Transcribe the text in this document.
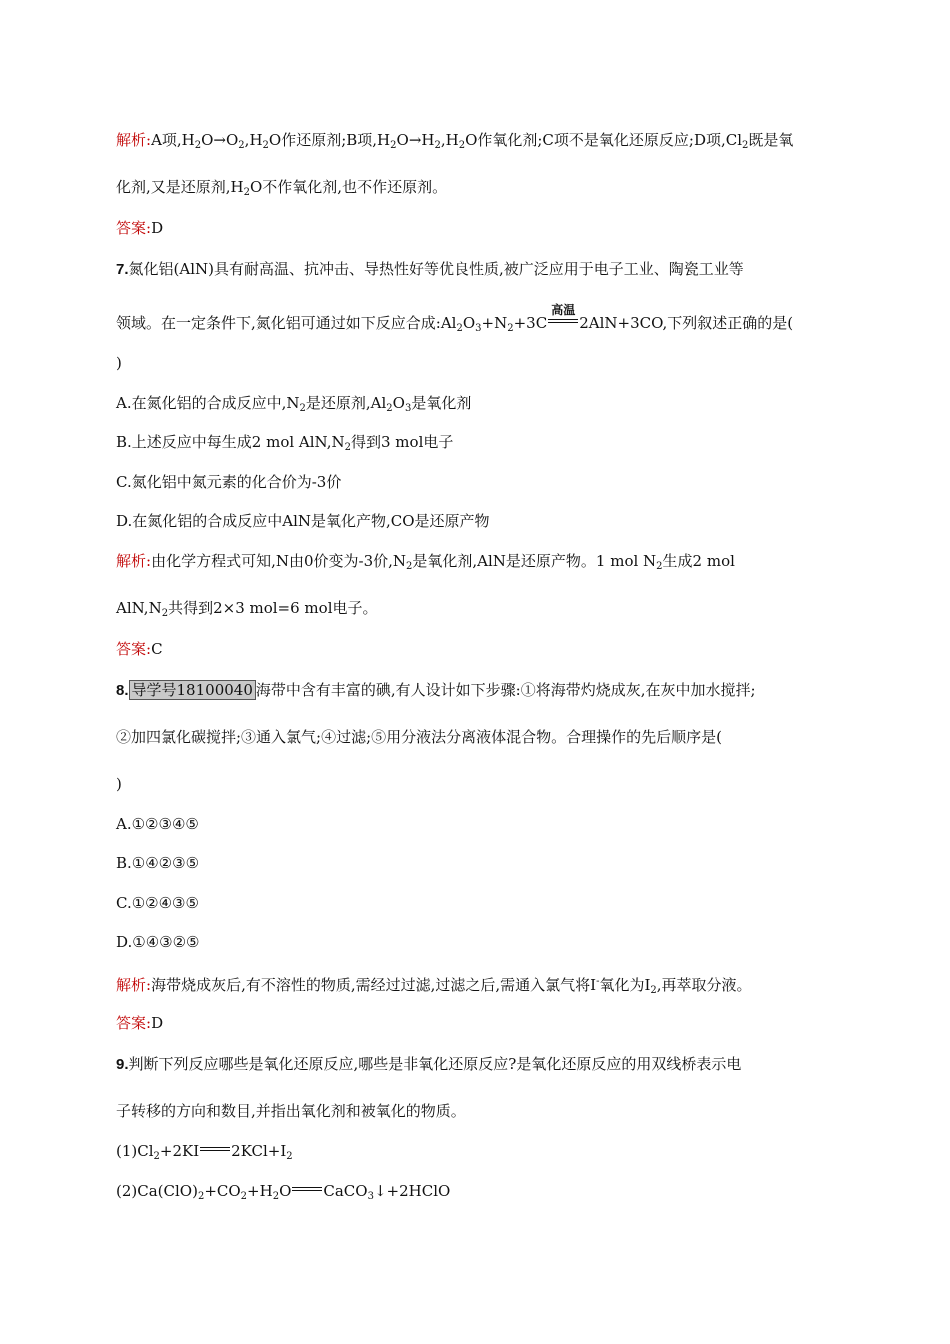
解析:A项$,H_2O\to O_2,H_2O$作还原剂;B项$,H_2O\to H_2,H_2O$作氧化剂;C项不是氧化还原反应;D项$,Cl_2$既是氧
化剂,又是还原剂$,H_2O$不作氧化剂,也不作还原剂。
答案:D
7.氮化铝(AlN)具有耐高温、抗冲击、导热性好等优良性质,被广泛应用于电子工业、陶瓷工业等
领域。在一定条件下,氮化铝可通过如下反应合成$:Al_2O_3+N_2+3C$
高温
2AlN+3CO,下列叙述正确的是(
)
A.在氮化铝的合成反应中$,N_2$是还原剂$,Al_2O_3$是氧化剂
B.上述反应中每生成2 mol $AlN,N_2$得到3 mol电子
C.氮化铝中氮元素的化合价为-3价
D.在氮化铝的合成反应中AlN是氧化产物,CO是还原产物
解析:由化学方程式可知,N由0价变为-3价$,N_2$是氧化剂,AlN是还原产物。1 mol $N_2$生成2 mol
$AlN,N_2$共得到2×3 mol=6 mol电子。
答案:C
8. 导学号18100040 海带中含有丰富的碘,有人设计如下步骤:①将海带灼烧成灰,在灰中加水搅拌;
②加四氯化碳搅拌;③通入氯气;④过滤;⑤用分液法分离液体混合物。合理操作的先后顺序是(
)
A.①②③④⑤
B.①④②③⑤
C.①②④③⑤
D.①④③②⑤
解析:海带烧成灰后,有不溶性的物质,需经过过滤,过滤之后,需通入氯气将I-氧化为$I_2$,再萃取分液。
答案:D
9.判断下列反应哪些是氧化还原反应,哪些是非氧化还原反应?是氧化还原反应的用双线桥表示电
子转移的方向和数目,并指出氧化剂和被氧化的物质。
$(1)Cl_2+2KI$ $2KCl+I_2$
$(2)Ca(ClO)_2+CO_2+H_2O$ CaCO$_3$↓+2HClO
